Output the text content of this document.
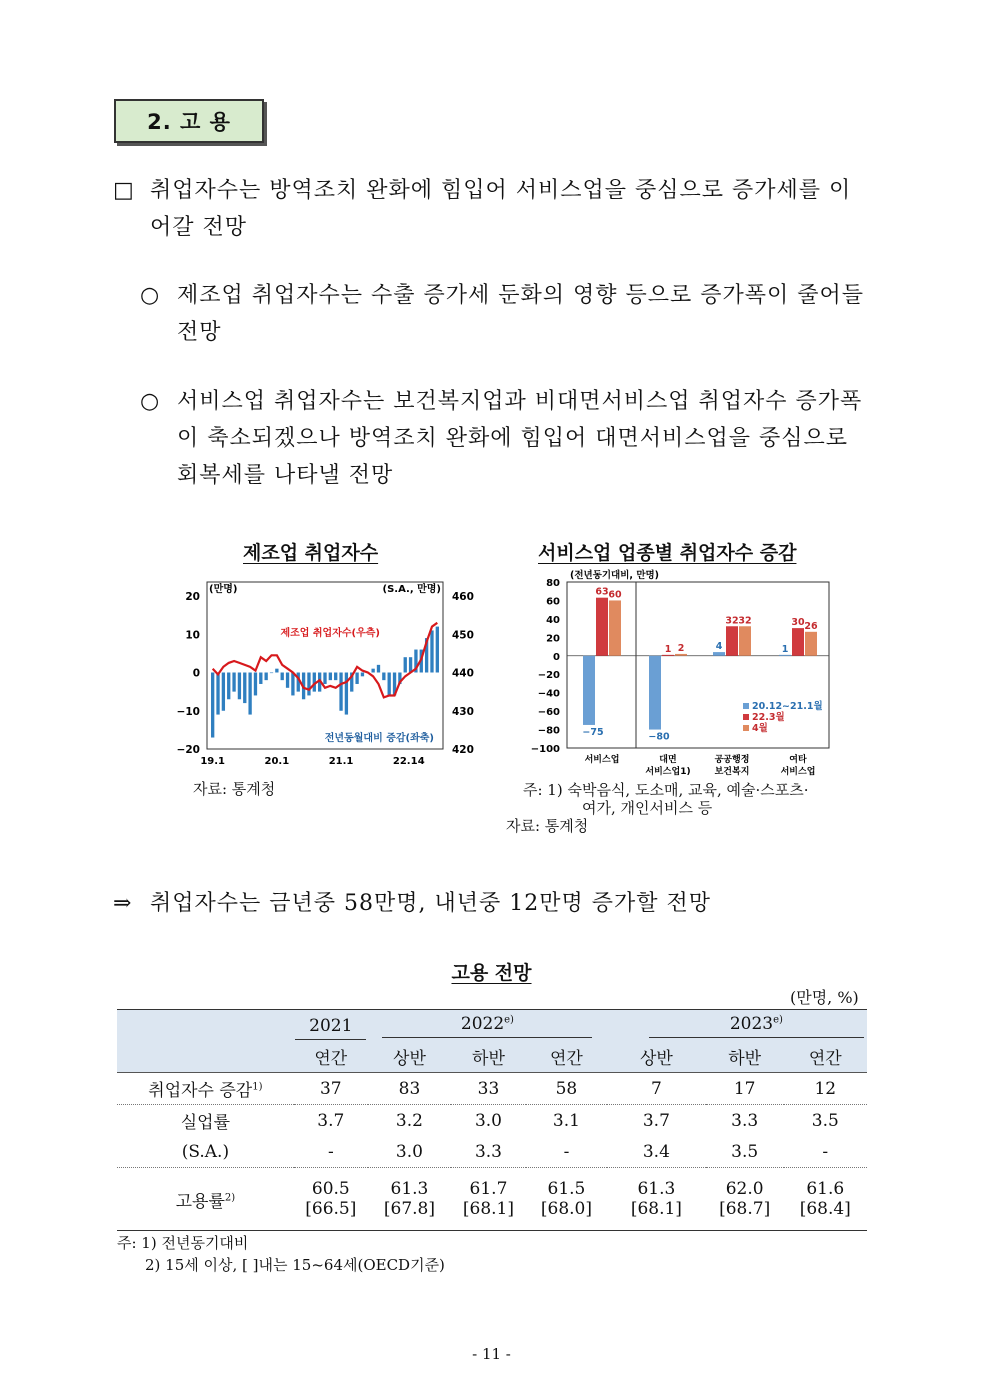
2. 고 용
□ 취업자수는 방역조치 완화에 힘입어 서비스업을 중심으로 증가세를 이어갈 전망
○ 제조업 취업자수는 수출 증가세 둔화의 영향 등으로 증가폭이 줄어들 전망
○ 서비스업 취업자수는 보건복지업과 비대면서비스업 취업자수 증가폭이 축소되겠으나 방역조치 완화에 힘입어 대면서비스업을 중심으로 회복세를 나타낼 전망
제조업 취업자수	서비스업 업종별 취업자수 증감
(만명)	(S.A., 만명)
제조업 취업자수(우측)
전년동월대비 증감(좌축)
20
10
0
−10
−20
460
450
440
430
420
19.1	20.1	21.1	22.1 4
자료: 통계청
(전년동기대비, 만명)
80
60
40
20
0
−20
−40
−60
−80
−100
−75
63 60
−80
1 2	4
32 32
1
30 26
20.12~21.1월
22.3월
4월
서비스업	대면
서비스업1)
공공행정
보건복지
여타
서비스업
주: 1) 숙박음식, 도소매, 교육, 예술·스포츠·
여가, 개인서비스 등
자료: 통계청
⇒ 취업자수는 금년중 58만명, 내년중 12만명 증가할 전망
고용 전망
(만명, %)
	2021	2022$^{e)}$				2023$^{e)}$
	연간	상반	하반	연간	상반	하반	연간
취업자수 증감$^{1)}$	37	83	33	58	7	17	12
실업률	3.7	3.2	3.0	3.1	3.7	3.3	3.5
(S.A.)	-	3.0	3.3	-	3.4	3.5	-
고용률$^{2)}$	60.5	61.3	61.7	61.5	61.3	62.0	61.6
	[66.5]	[67.8]	[68.1]	[68.0]	[68.1]	[68.7]	[68.4]
주: 1) 전년동기대비
2) 15세 이상, [ ]내는 15~64세(OECD기준)
- 11 -
